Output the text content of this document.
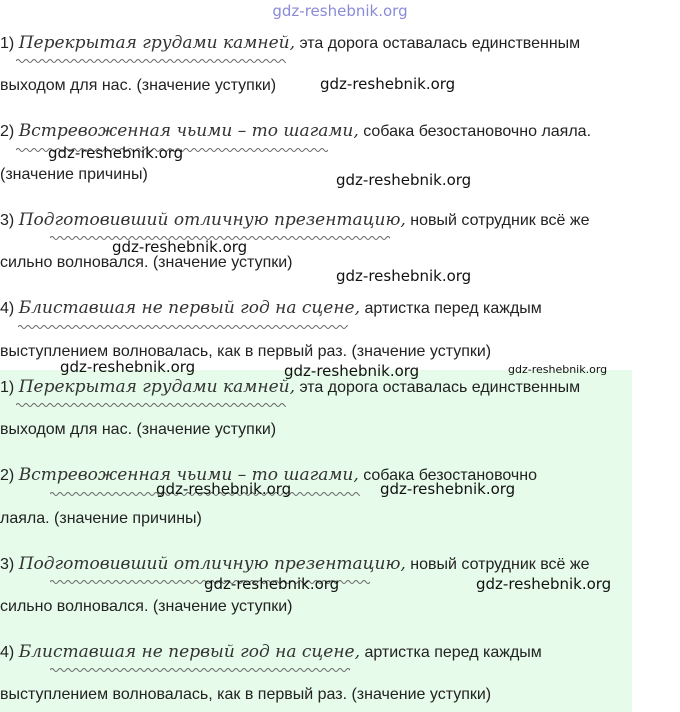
gdz-reshebnik.org
1) Перекрытая грудами камней, эта дорога оставалась единственным
выходом для нас. (значение уступки)
2) Встревоженная чьими – то шагами, собака безостановочно лаяла.
(значение причины)
3) Подготовивший отличную презентацию, новый сотрудник всё же
сильно волновался. (значение уступки)
4) Блиставшая не первый год на сцене, артистка перед каждым
выступлением волновалась, как в первый раз. (значение уступки)
1) Перекрытая грудами камней, эта дорога оставалась единственным
выходом для нас. (значение уступки)
2) Встревоженная чьими – то шагами, собака безостановочно
лаяла. (значение причины)
3) Подготовивший отличную презентацию, новый сотрудник всё же
сильно волновался. (значение уступки)
4) Блиставшая не первый год на сцене, артистка перед каждым
выступлением волновалась, как в первый раз. (значение уступки)
gdz-reshebnik.org
gdz-reshebnik.org
gdz-reshebnik.org
gdz-reshebnik.org
gdz-reshebnik.org
gdz-reshebnik.org	gdz-reshebnik.org	gdz-reshebnik.org
gdz-reshebnik.org	gdz-reshebnik.org
gdz-reshebnik.org	gdz-reshebnik.org
